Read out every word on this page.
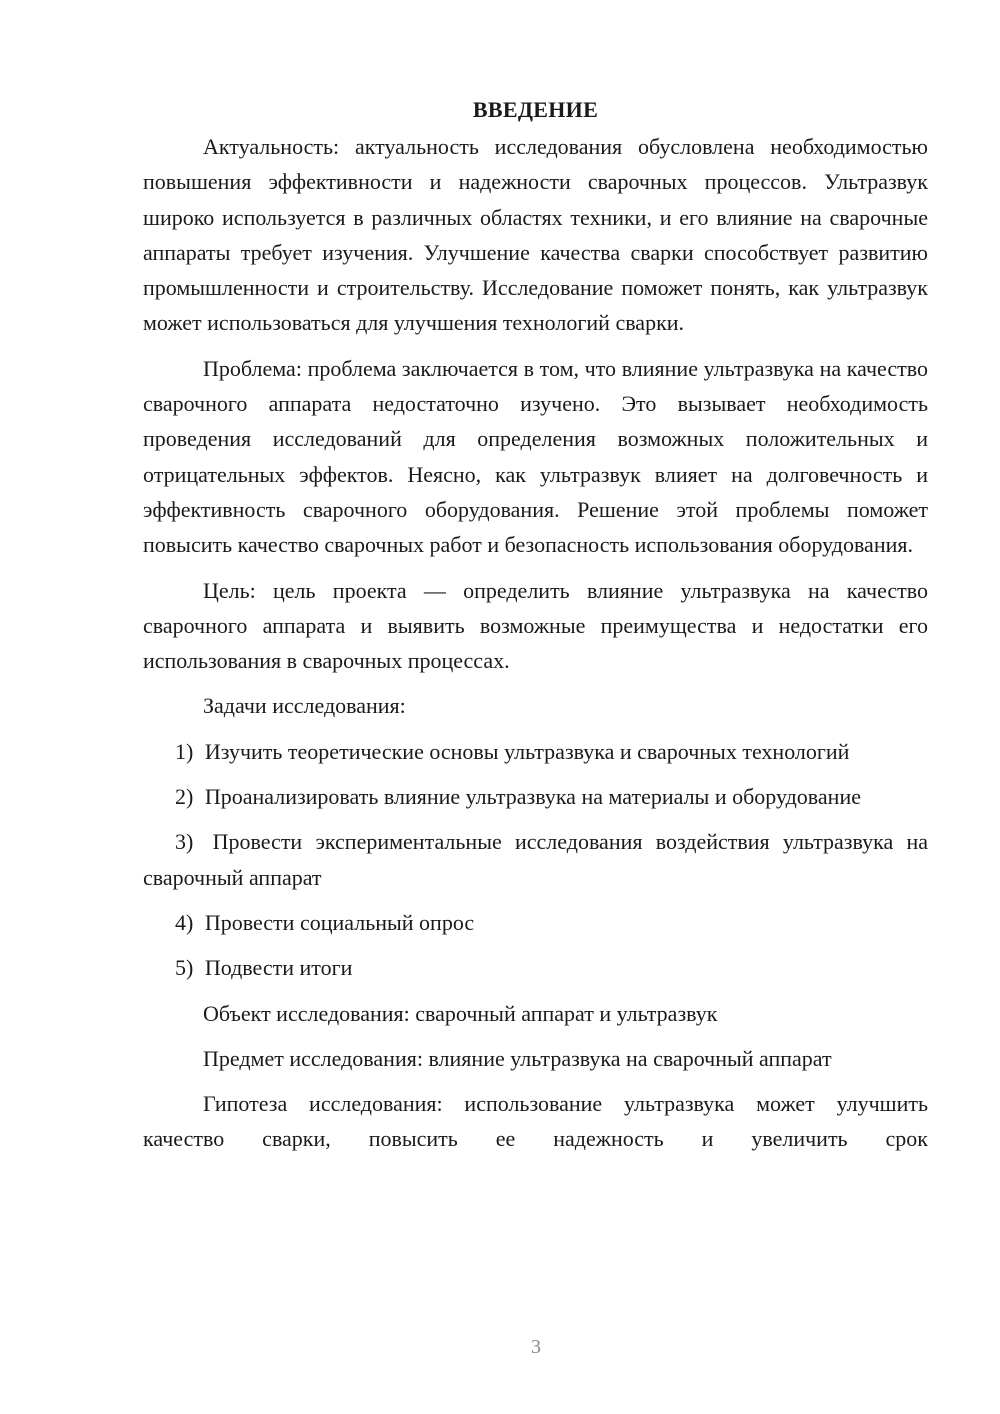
ВВЕДЕНИЕ

Актуальность: актуальность исследования обусловлена необходимостью повышения эффективности и надежности сварочных процессов. Ультразвук широко используется в различных областях техники, и его влияние на сварочные аппараты требует изучения. Улучшение качества сварки способствует развитию промышленности и строительству. Исследование поможет понять, как ультразвук может использоваться для улучшения технологий сварки.

Проблема: проблема заключается в том, что влияние ультразвука на качество сварочного аппарата недостаточно изучено. Это вызывает необходимость проведения исследований для определения возможных положительных и отрицательных эффектов. Неясно, как ультразвук влияет на долговечность и эффективность сварочного оборудования. Решение этой проблемы поможет повысить качество сварочных работ и безопасность использования оборудования.

Цель: цель проекта — определить влияние ультразвука на качество сварочного аппарата и выявить возможные преимущества и недостатки его использования в сварочных процессах.

Задачи исследования:

1) Изучить теоретические основы ультразвука и сварочных технологий

2) Проанализировать влияние ультразвука на материалы и оборудование

3) Провести экспериментальные исследования воздействия ультразвука на сварочный аппарат

4) Провести социальный опрос

5) Подвести итоги

Объект исследования: сварочный аппарат и ультразвук

Предмет исследования: влияние ультразвука на сварочный аппарат

Гипотеза исследования: использование ультразвука может улучшить качество сварки, повысить ее надежность и увеличить срок

3
